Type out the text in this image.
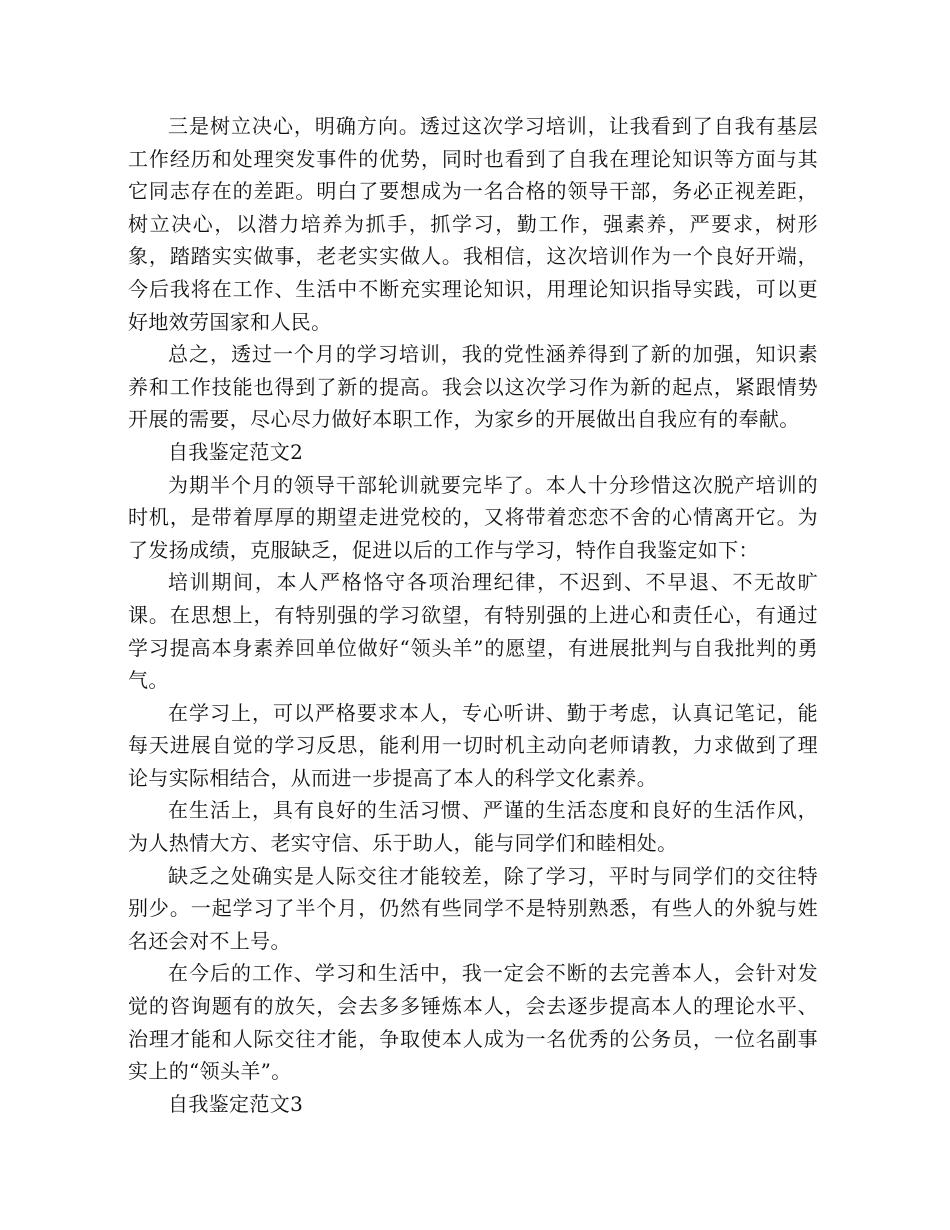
三是树立决心，明确方向。透过这次学习培训，让我看到了自我有基层工作经历和处理突发事件的优势，同时也看到了自我在理论知识等方面与其它同志存在的差距。明白了要想成为一名合格的领导干部，务必正视差距，树立决心，以潜力培养为抓手，抓学习，勤工作，强素养，严要求，树形象，踏踏实实做事，老老实实做人。我相信，这次培训作为一个良好开端，今后我将在工作、生活中不断充实理论知识，用理论知识指导实践，可以更好地效劳国家和人民。

总之，透过一个月的学习培训，我的党性涵养得到了新的加强，知识素养和工作技能也得到了新的提高。我会以这次学习作为新的起点，紧跟情势开展的需要，尽心尽力做好本职工作，为家乡的开展做出自我应有的奉献。

自我鉴定范文2

为期半个月的领导干部轮训就要完毕了。本人十分珍惜这次脱产培训的时机，是带着厚厚的期望走进党校的，又将带着恋恋不舍的心情离开它。为了发扬成绩，克服缺乏，促进以后的工作与学习，特作自我鉴定如下：

培训期间，本人严格恪守各项治理纪律，不迟到、不早退、不无故旷课。在思想上，有特别强的学习欲望，有特别强的上进心和责任心，有通过学习提高本身素养回单位做好“领头羊”的愿望，有进展批判与自我批判的勇气。

在学习上，可以严格要求本人，专心听讲、勤于考虑，认真记笔记，能每天进展自觉的学习反思，能利用一切时机主动向老师请教，力求做到了理论与实际相结合，从而进一步提高了本人的科学文化素养。

在生活上，具有良好的生活习惯、严谨的生活态度和良好的生活作风，为人热情大方、老实守信、乐于助人，能与同学们和睦相处。

缺乏之处确实是人际交往才能较差，除了学习，平时与同学们的交往特别少。一起学习了半个月，仍然有些同学不是特别熟悉，有些人的外貌与姓名还会对不上号。

在今后的工作、学习和生活中，我一定会不断的去完善本人，会针对发觉的咨询题有的放矢，会去多多锤炼本人，会去逐步提高本人的理论水平、治理才能和人际交往才能，争取使本人成为一名优秀的公务员，一位名副事实上的“领头羊”。

自我鉴定范文3
